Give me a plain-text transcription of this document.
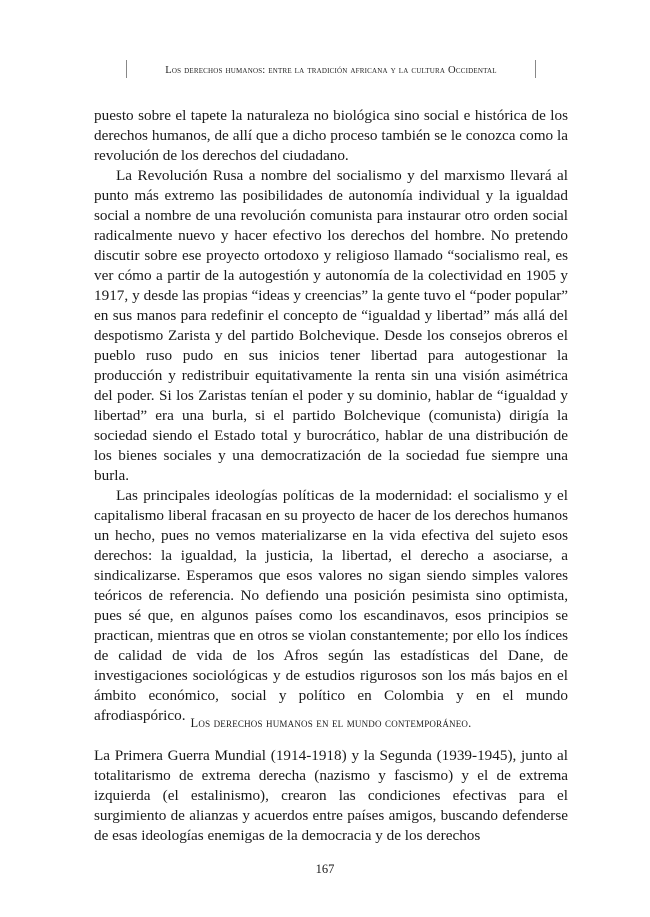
Los derechos humanos: entre la tradición africana y la cultura Occidental

puesto sobre el tapete la naturaleza no biológica sino social e histórica de los derechos humanos, de allí que a dicho proceso también se le conozca como la revolución de los derechos del ciudadano.

La Revolución Rusa a nombre del socialismo y del marxismo llevará al punto más extremo las posibilidades de autonomía individual y la igualdad social a nombre de una revolución comunista para instaurar otro orden social radicalmente nuevo y hacer efectivo los derechos del hombre. No pretendo discutir sobre ese proyecto ortodoxo y religioso llamado “socialismo real, es ver cómo a partir de la autogestión y autonomía de la colectividad en 1905 y 1917, y desde las propias “ideas y creencias” la gente tuvo el “poder popular” en sus manos para redefinir el concepto de “igualdad y libertad” más allá del despotismo Zarista y del partido Bolchevique. Desde los consejos obreros el pueblo ruso pudo en sus inicios tener libertad para autogestionar la producción y redistribuir equitativamente la renta sin una visión asimétrica del poder. Si los Zaristas tenían el poder y su dominio, hablar de “igualdad y libertad” era una burla, si el partido Bolchevique (comunista) dirigía la sociedad siendo el Estado total y burocrático, hablar de una distribución de los bienes sociales y una democratización de la sociedad fue siempre una burla.

Las principales ideologías políticas de la modernidad: el socialismo y el capitalismo liberal fracasan en su proyecto de hacer de los derechos humanos un hecho, pues no vemos materializarse en la vida efectiva del sujeto esos derechos: la igualdad, la justicia, la libertad, el derecho a asociarse, a sindicalizarse. Esperamos que esos valores no sigan siendo simples valores teóricos de referencia. No defiendo una posición pesimista sino optimista, pues sé que, en algunos países como los escandinavos, esos principios se practican, mientras que en otros se violan constantemente; por ello los índices de calidad de vida de los Afros según las estadísticas del Dane, de investigaciones sociológicas y de estudios rigurosos son los más bajos en el ámbito económico, social y político en Colombia y en el mundo afrodiaspórico. Los derechos humanos en el mundo contemporáneo.

La Primera Guerra Mundial (1914-1918) y la Segunda (1939-1945), junto al totalitarismo de extrema derecha (nazismo y fascismo) y el de extrema izquierda (el estalinismo), crearon las condiciones efectivas para el surgimiento de alianzas y acuerdos entre países amigos, buscando defenderse de esas ideologías enemigas de la democracia y de los derechos

167
